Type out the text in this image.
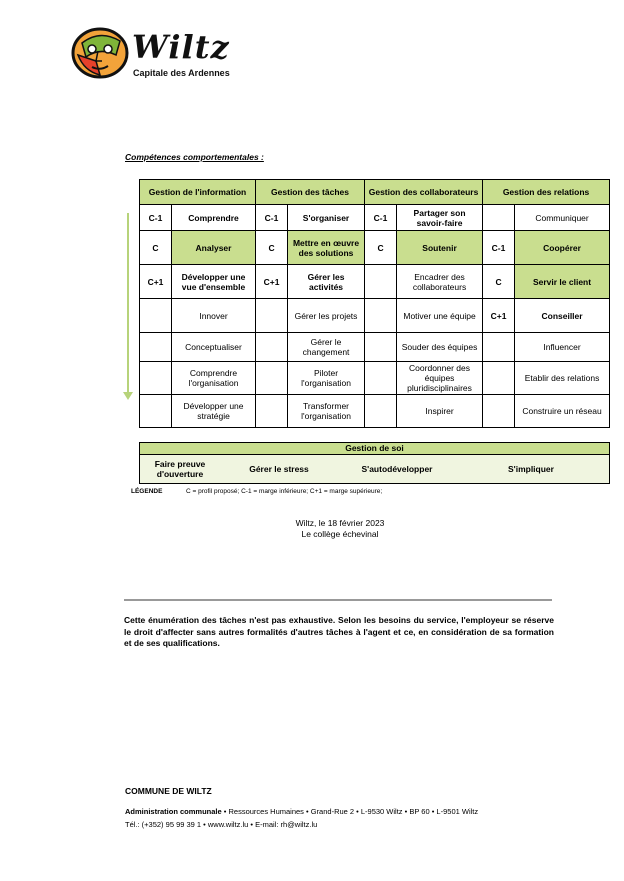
Wiltz
Capitale des Ardennes
Compétences comportementales :
Gestion de l'information		Gestion des tâches		Gestion des collaborateurs		Gestion des relations	
C-1	Comprendre	C-1	S'organiser	C-1	Partager son savoir-faire		Communiquer
C	Analyser	C	Mettre en œuvre des solutions	C	Soutenir	C-1	Coopérer
C+1	Développer une vue d'ensemble	C+1	Gérer les activités		Encadrer des collaborateurs	C	Servir le client
	Innover		Gérer les projets		Motiver une équipe	C+1	Conseiller
	Conceptualiser		Gérer le changement		Souder des équipes		Influencer
	Comprendre l'organisation		Piloter l'organisation		Coordonner des équipes pluridisciplinaires		Etablir des relations
	Développer une stratégie		Transformer l'organisation		Inspirer		Construire un réseau
Gestion de soi
Faire preuve d'ouverture	Gérer le stress	S'autodévelopper	S'impliquer
LÉGENDE	C = profil proposé; C-1 = marge inférieure; C+1 = marge supérieure;
Wiltz, le 18 février 2023
Le collège échevinal
Cette énumération des tâches n'est pas exhaustive. Selon les besoins du service, l'employeur se réserve le droit d'affecter sans autres formalités d'autres tâches à l'agent et ce, en considération de sa formation et de ses qualifications.
COMMUNE DE WILTZ
Administration communale • Ressources Humaines • Grand-Rue 2 • L-9530 Wiltz • BP 60 • L-9501 Wiltz
Tél.: (+352) 95 99 39 1 • www.wiltz.lu • E-mail: rh@wiltz.lu
